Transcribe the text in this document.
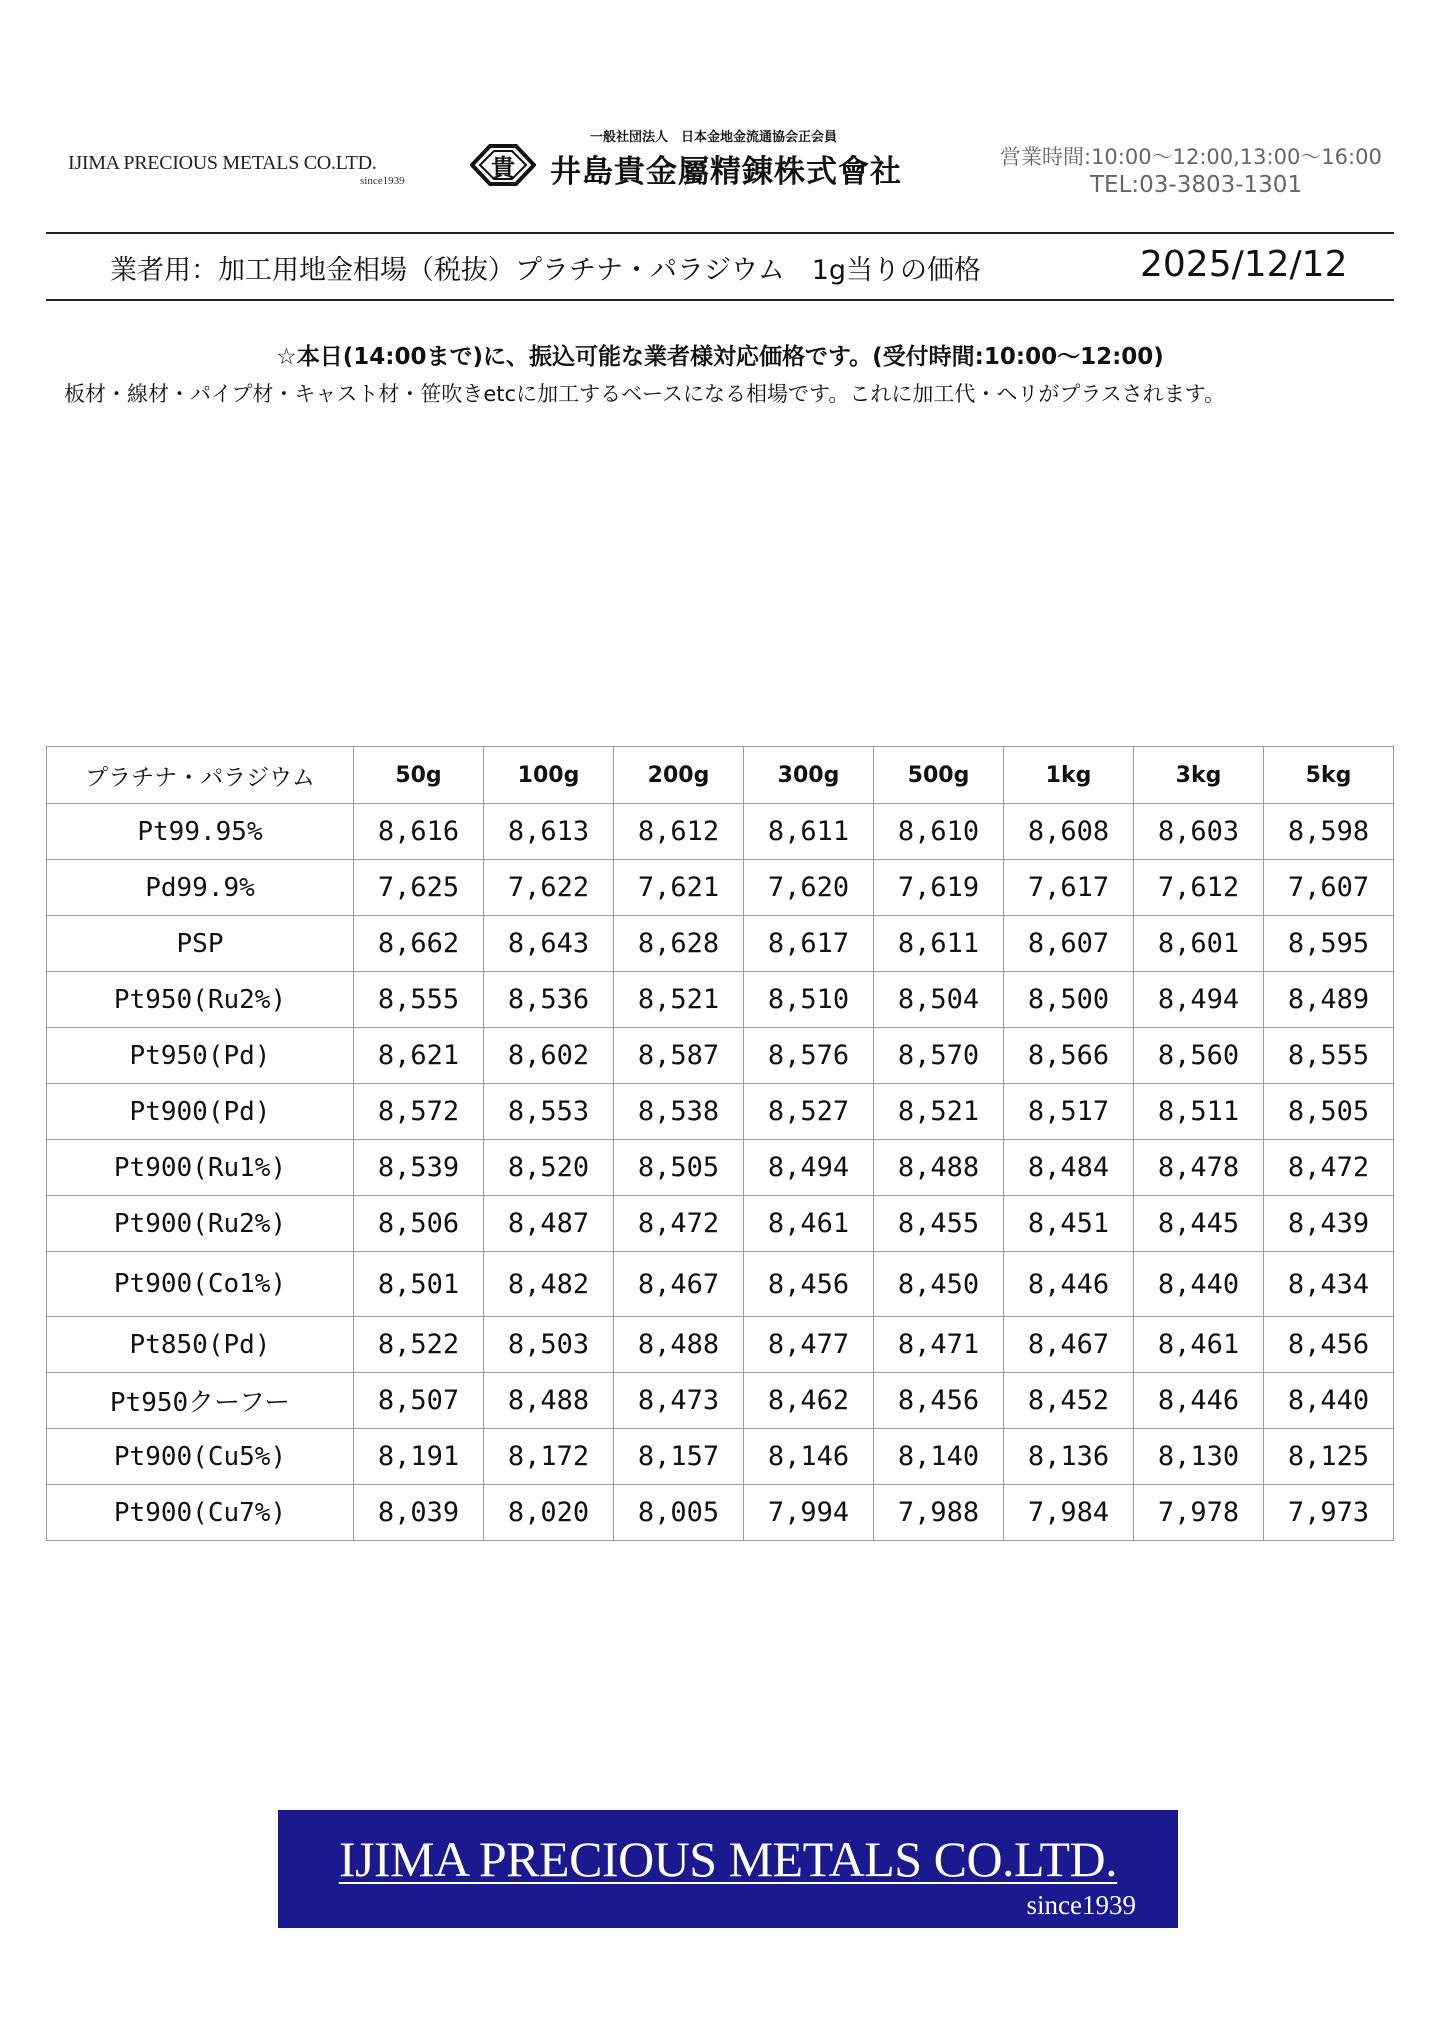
IJIMA PRECIOUS METALS CO.LTD.
since1939
一般社団法人　日本金地金流通協会正会員
貴	井島貴金屬精錬株式會社	営業時間:10:00〜12:00,13:00〜16:00
TEL:03-3803-1301
業者用：加工用地金相場（税抜）プラチナ・パラジウム　1g当りの価格	2025/12/12
☆本日(14:00まで)に、振込可能な業者様対応価格です。(受付時間:10:00〜12:00)
板材・線材・パイプ材・キャスト材・笹吹きetcに加工するベースになる相場です。これに加工代・ヘリがプラスされます。
プラチナ・パラジウム	50g	100g	200g	300g	500g	1kg	3kg	5kg
Pt99.95%	8,616	8,613	8,612	8,611	8,610	8,608	8,603	8,598
Pd99.9%	7,625	7,622	7,621	7,620	7,619	7,617	7,612	7,607
PSP	8,662	8,643	8,628	8,617	8,611	8,607	8,601	8,595
Pt950(Ru2%)	8,555	8,536	8,521	8,510	8,504	8,500	8,494	8,489
Pt950(Pd)	8,621	8,602	8,587	8,576	8,570	8,566	8,560	8,555
Pt900(Pd)	8,572	8,553	8,538	8,527	8,521	8,517	8,511	8,505
Pt900(Ru1%)	8,539	8,520	8,505	8,494	8,488	8,484	8,478	8,472
Pt900(Ru2%)	8,506	8,487	8,472	8,461	8,455	8,451	8,445	8,439
Pt900(Co1%)	8,501	8,482	8,467	8,456	8,450	8,446	8,440	8,434
Pt850(Pd)	8,522	8,503	8,488	8,477	8,471	8,467	8,461	8,456
Pt950クーフー	8,507	8,488	8,473	8,462	8,456	8,452	8,446	8,440
Pt900(Cu5%)	8,191	8,172	8,157	8,146	8,140	8,136	8,130	8,125
Pt900(Cu7%)	8,039	8,020	8,005	7,994	7,988	7,984	7,978	7,973
IJIMA PRECIOUS METALS CO.LTD.
since1939
